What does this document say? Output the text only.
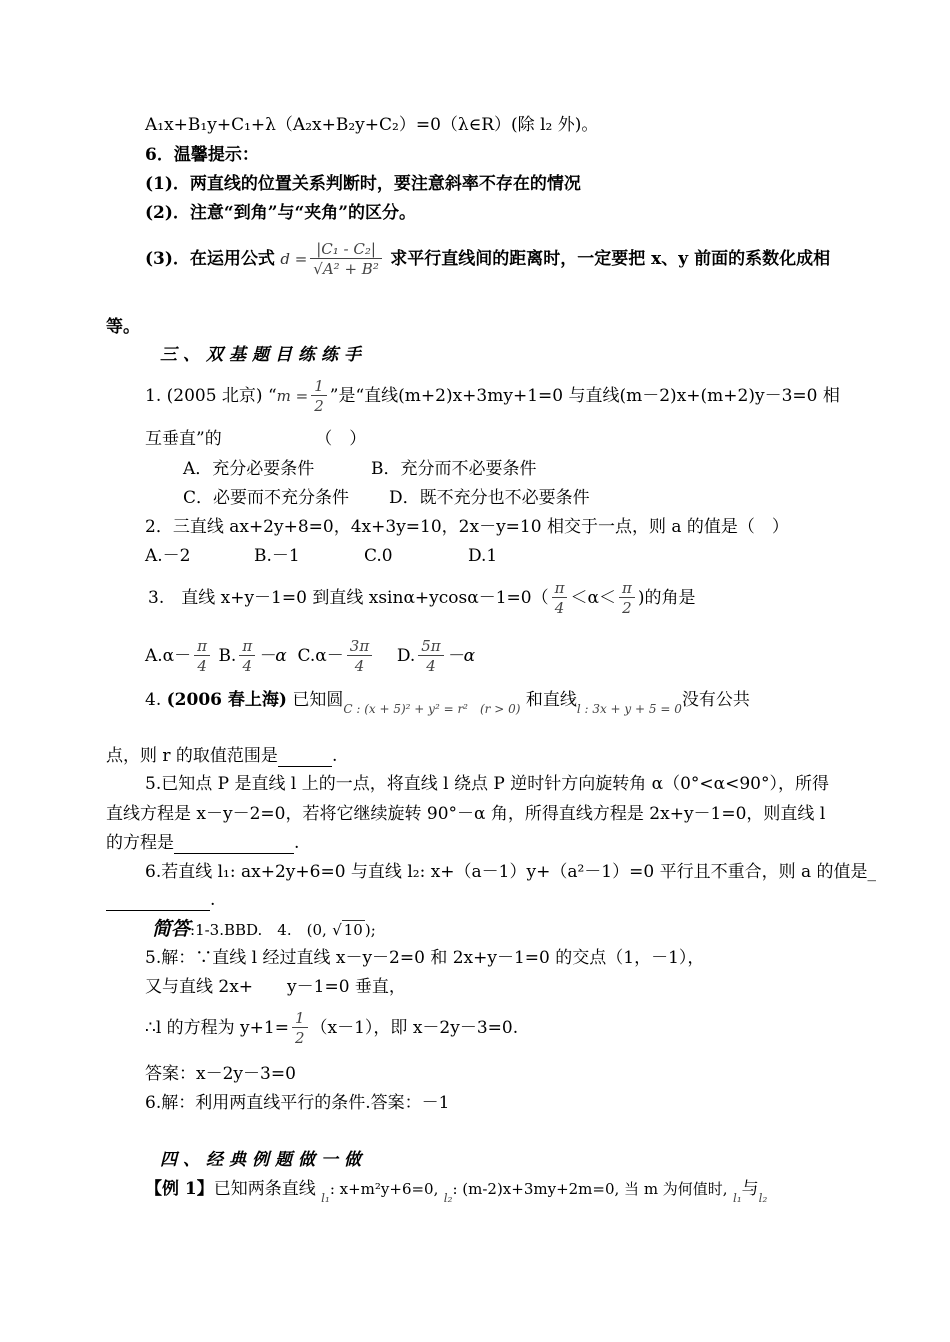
A₁x+B₁y+C₁+λ（A₂x+B₂y+C₂）=0（λ∈R）(除 l₂ 外)。
6．温馨提示：
(1)．两直线的位置关系判断时，要注意斜率不存在的情况
(2)．注意“到角”与“夹角”的区分。
(3)．在运用公式 $d = \frac{\text{|C₁ - C₂|}}{\text{√A² + B²}}$ 求平行直线间的距离时，一定要把 x、y 前面的系数化成相
等。
三、双基题目练练手
1. (2005 北京) “$m = \frac{1}{2}$ ”是“直线(m+2)x+3my+1=0 与直线(m－2)x+(m+2)y－3=0 相
互垂直”的　　　　　　（　）
A．充分必要条件	B．充分而不必要条件
C．必要而不充分条件 D．既不充分也不必要条件
2．三直线 ax+2y+8=0，4x+3y=10，2x－y=10 相交于一点，则 a 的值是（　）
A.－2	B.－1	C.0	D.1
3.　直线 x+y－1=0 到直线 $xsin\alpha+ycos\alpha-1=0( \frac{\pi}{4} <\alpha< \frac{\pi}{2}$ )的角是
$A.\alpha- \frac{\pi}{4} B$. $\frac{\pi}{4} -\alpha$ $C.\alpha- \frac{3\pi}{4} D$. $\frac{5\pi}{4} -\alpha$
4. (2006 春上海) 已知圆$_{C : (x + 5)^2 + y^2 = r^2 (r > 0)}$ 和直线$_{l : 3x + y + 5 = 0}$没有公共
点，则 r 的取值范围是	.
5.已知点 P 是直线 l 上的一点，将直线 l 绕点 P 逆时针方向旋转角 α（0°<α<90°），所得
直线方程是 x－y－2=0，若将它继续旋转 90°－α 角，所得直线方程是 2x+y－1=0，则直线 l
的方程是	.
6.若直线 l₁: ax+2y+6=0 与直线 l₂: x+（a－1）y+（a²－1）=0 平行且不重合，则 a 的值是_
.
简答:1-3.BBD.　4.　(0, √ 10 );
5.解：∵直线 l 经过直线 x－y－2=0 和 2x+y－1=0 的交点（1，－1），
又与直线 2x+　　y－1=0 垂直，
∴l 的方程为 $y+1= \frac{1}{2} (x-1)$，即 x－2y－3=0.
答案：x－2y－3=0
6.解：利用两直线平行的条件.答案：－1
四、经典例题做一做
【例 1】已知两条直线 $_{l_1}$: x+m²y+6=0, $_{l_2}$: (m-2)x+3my+2m=0, 当 m 为何值时, $_{l_1}$与$_{l_2}$
